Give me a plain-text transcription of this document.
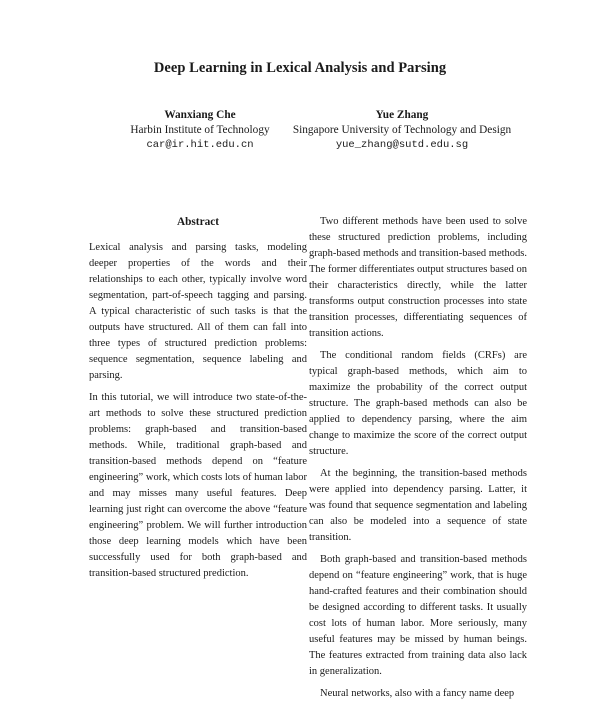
Deep Learning in Lexical Analysis and Parsing
Wanxiang Che
Harbin Institute of Technology
car@ir.hit.edu.cn
Yue Zhang
Singapore University of Technology and Design
yue_zhang@sutd.edu.sg
Abstract

Lexical analysis and parsing tasks, modeling deeper properties of the words and their relationships to each other, typically involve word segmentation, part-of-speech tagging and parsing. A typical characteristic of such tasks is that the outputs have structured. All of them can fall into three types of structured prediction problems: sequence segmentation, sequence labeling and parsing.

In this tutorial, we will introduce two state-of-the-art methods to solve these structured prediction problems: graph-based and transition-based methods. While, traditional graph-based and transition-based methods depend on “feature engineering” work, which costs lots of human labor and may misses many useful features. Deep learning just right can overcome the above “feature engineering” problem. We will further introduction those deep learning models which have been successfully used for both graph-based and transition-based structured prediction.

Two different methods have been used to solve these structured prediction problems, including graph-based methods and transition-based methods. The former differentiates output structures based on their characteristics directly, while the latter transforms output construction processes into state transition processes, differentiating sequences of transition actions.

The conditional random fields (CRFs) are typical graph-based methods, which aim to maximize the probability of the correct output structure. The graph-based methods can also be applied to dependency parsing, where the aim change to maximize the score of the correct output structure.

At the beginning, the transition-based methods were applied into dependency parsing. Latter, it was found that sequence segmentation and labeling can also be modeled into a sequence of state transition.

Both graph-based and transition-based methods depend on “feature engineering” work, that is huge hand-crafted features and their combination should be designed according to different tasks. It usually cost lots of human labor. More seriously, many useful features may be missed by human beings. The features extracted from training data also lack in generalization.

Neural networks, also with a fancy name deep
